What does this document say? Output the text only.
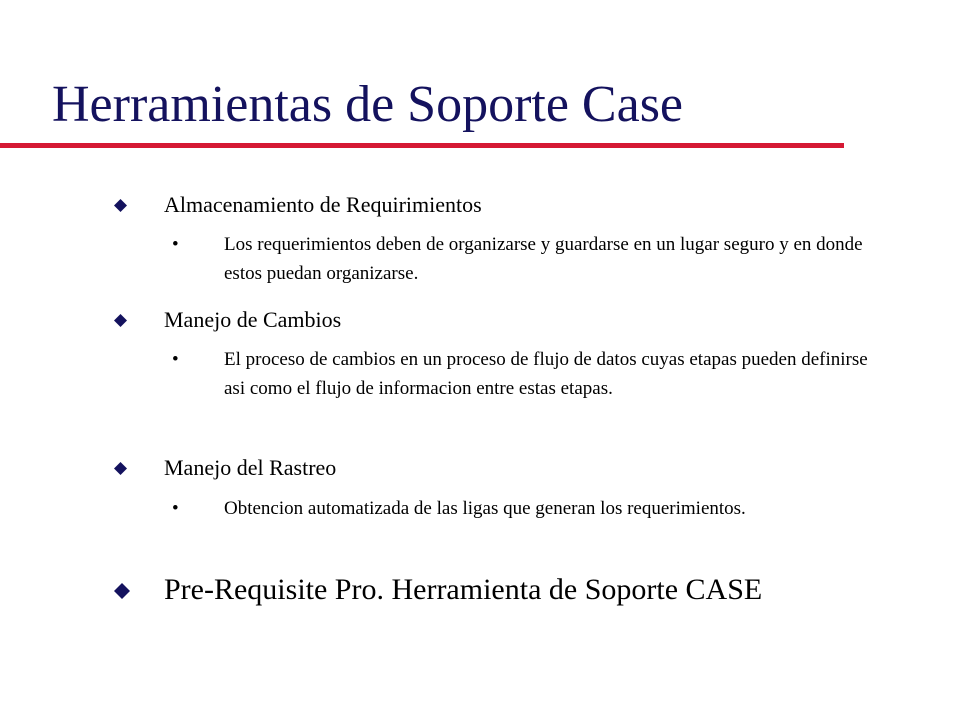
Herramientas de Soporte Case
Almacenamiento de Requirimientos
• Los requerimientos deben de organizarse y guardarse en un lugar seguro y en donde estos puedan organizarse.
Manejo de Cambios
• El proceso de cambios en un proceso de flujo de datos cuyas etapas pueden definirse asi como el flujo de informacion entre estas etapas.
Manejo del Rastreo
• Obtencion automatizada de las ligas que generan los requerimientos.
Pre-Requisite Pro. Herramienta de Soporte CASE
